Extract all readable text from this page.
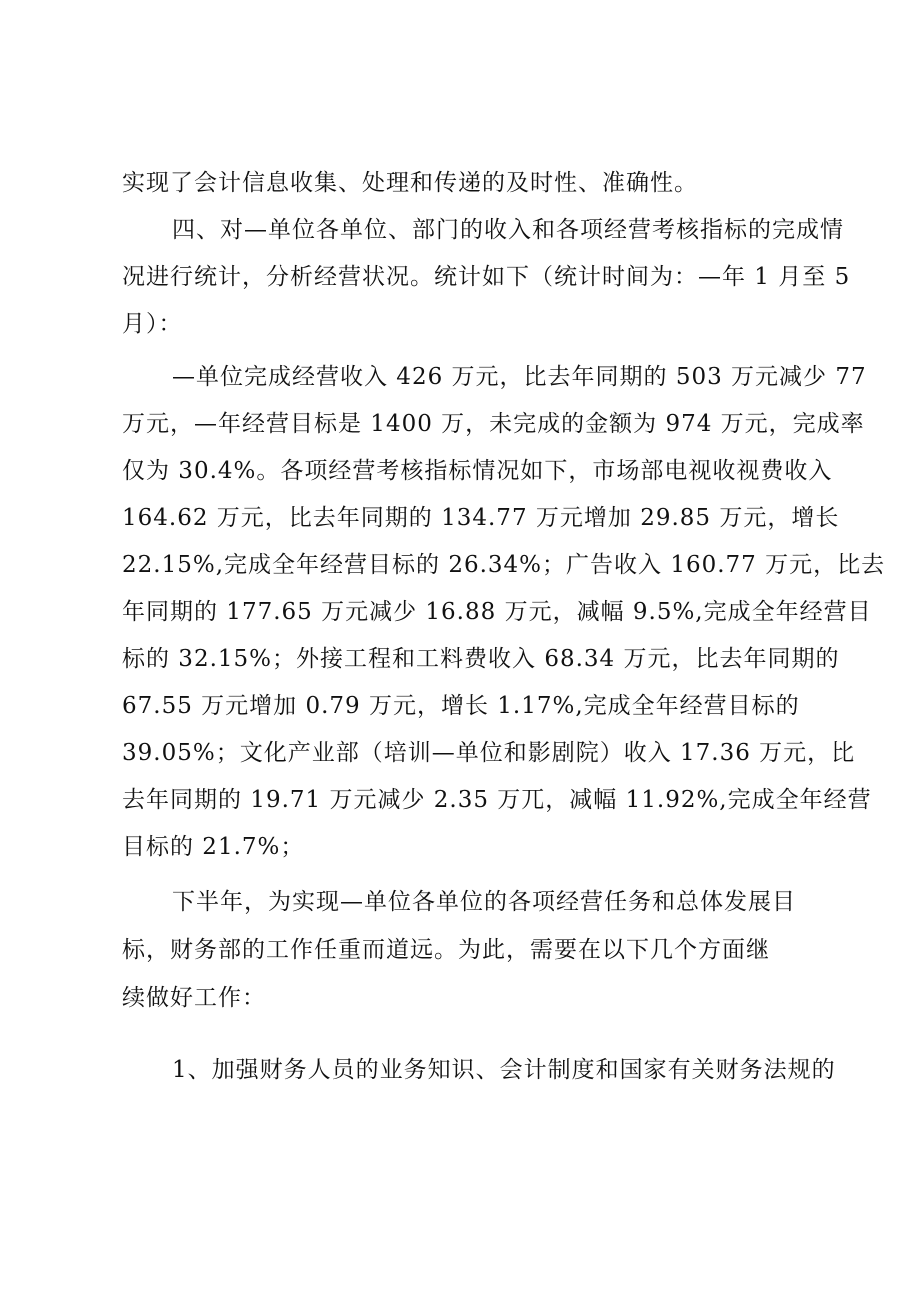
实现了会计信息收集、处理和传递的及时性、准确性。
四、对—单位各单位、部门的收入和各项经营考核指标的完成情
况进行统计，分析经营状况。统计如下（统计时间为：—年 1 月至 5
月）：
—单位完成经营收入 426 万元，比去年同期的 503 万元减少 77
万元，—年经营目标是 1400 万，未完成的金额为 974 万元，完成率
仅为 30.4%。各项经营考核指标情况如下，市场部电视收视费收入
164.62 万元，比去年同期的 134.77 万元增加 29.85 万元，增长
22.15%,完成全年经营目标的 26.34%；广告收入 160.77 万元，比去
年同期的 177.65 万元减少 16.88 万元，减幅 9.5%,完成全年经营目
标的 32.15%；外接工程和工料费收入 68.34 万元，比去年同期的
67.55 万元增加 0.79 万元，增长 1.17%,完成全年经营目标的
39.05%；文化产业部（培训—单位和影剧院）收入 17.36 万元，比
去年同期的 19.71 万元减少 2.35 万兀，减幅 11.92%,完成全年经营
目标的 21.7%；
下半年，为实现—单位各单位的各项经营任务和总体发展目
标，财务部的工作任重而道远。为此，需要在以下几个方面继
续做好工作：
1、加强财务人员的业务知识、会计制度和国家有关财务法规的
